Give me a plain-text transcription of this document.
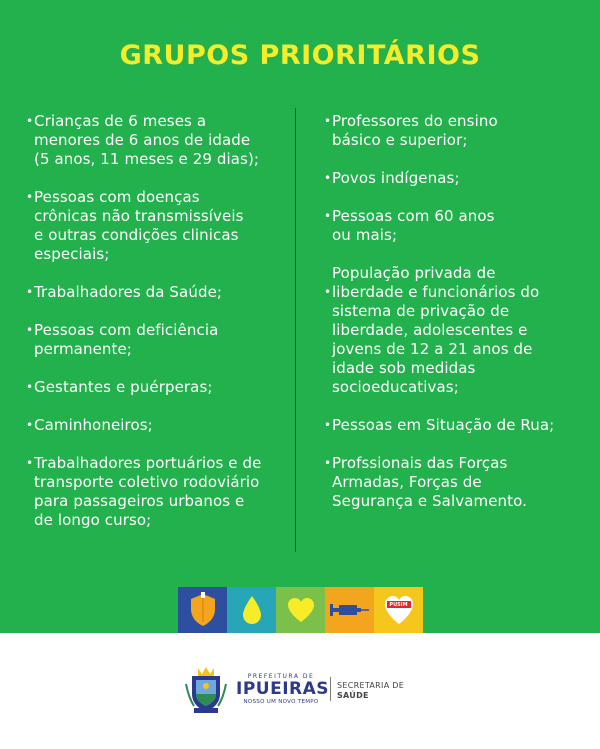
GRUPOS PRIORITÁRIOS
• Crianças de 6 meses a
menores de 6 anos de idade
(5 anos, 11 meses e 29 dias);
• Pessoas com doenças
crônicas não transmissíveis
e outras condições clinicas
especiais;
• Trabalhadores da Saúde;
• Pessoas com deficiência
permanente;
• Gestantes e puérperas;
• Caminhoneiros;
• Trabalhadores portuários e de
transporte coletivo rodoviário
para passageiros urbanos e
de longo curso;
• Professores do ensino
básico e superior;
• Povos indígenas;
• Pessoas com 60 anos
ou mais;
•
População privada de
liberdade e funcionários do
sistema de privação de
liberdade, adolescentes e
jovens de 12 a 21 anos de
idade sob medidas
socioeducativas;
• Pessoas em Situação de Rua;
• Profssionais das Forças
Armadas, Forças de
Segurança e Salvamento.
PUSIM
PREFEITURA DE
IPUEIRAS
NOSSO UM NOVO TEMPO
SECRETARIA DE
SAÚDE
